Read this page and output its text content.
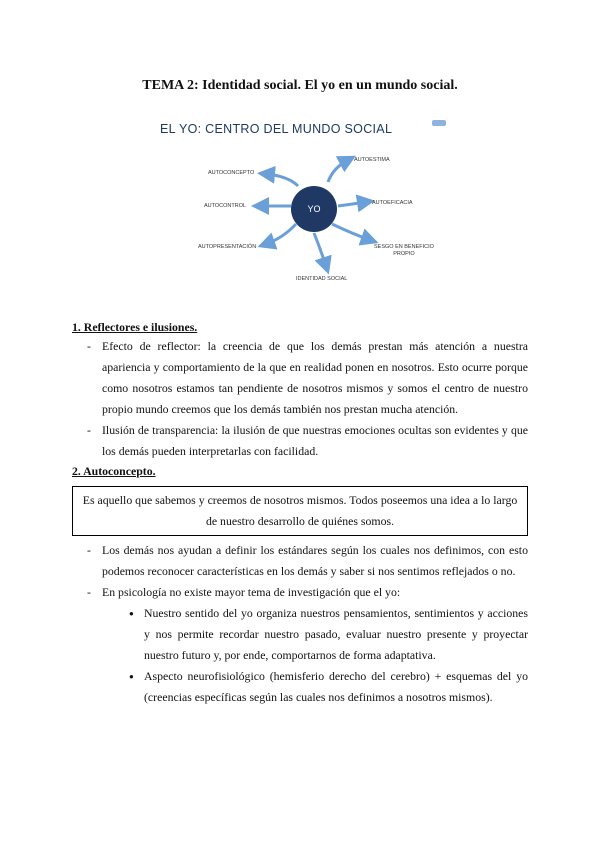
TEMA 2: Identidad social. El yo en un mundo social.
EL YO: CENTRO DEL MUNDO SOCIAL
YO
AUTOESTIMA
AUTOCONCEPTO
AUTOCONTROL	AUTOEFICACIA
AUTOPRESENTACIÓN	SESGO EN BENEFICIO
PROPIO
IDENTIDAD SOCIAL
1. Reflectores e ilusiones.

- Efecto de reflector: la creencia de que los demás prestan más atención a nuestra apariencia y comportamiento de la que en realidad ponen en nosotros. Esto ocurre porque como nosotros estamos tan pendiente de nosotros mismos y somos el centro de nuestro propio mundo creemos que los demás también nos prestan mucha atención.

- Ilusión de transparencia: la ilusión de que nuestras emociones ocultas son evidentes y que los demás pueden interpretarlas con facilidad.

2. Autoconcepto.
Es aquello que sabemos y creemos de nosotros mismos. Todos poseemos una idea a lo largo de nuestro desarrollo de quiénes somos.

- Los demás nos ayudan a definir los estándares según los cuales nos definimos, con esto podemos reconocer características en los demás y saber si nos sentimos reflejados o no.

- En psicología no existe mayor tema de investigación que el yo:

● Nuestro sentido del yo organiza nuestros pensamientos, sentimientos y acciones y nos permite recordar nuestro pasado, evaluar nuestro presente y proyectar nuestro futuro y, por ende, comportarnos de forma adaptativa.

● Aspecto neurofisiológico (hemisferio derecho del cerebro) + esquemas del yo (creencias específicas según las cuales nos definimos a nosotros mismos).
